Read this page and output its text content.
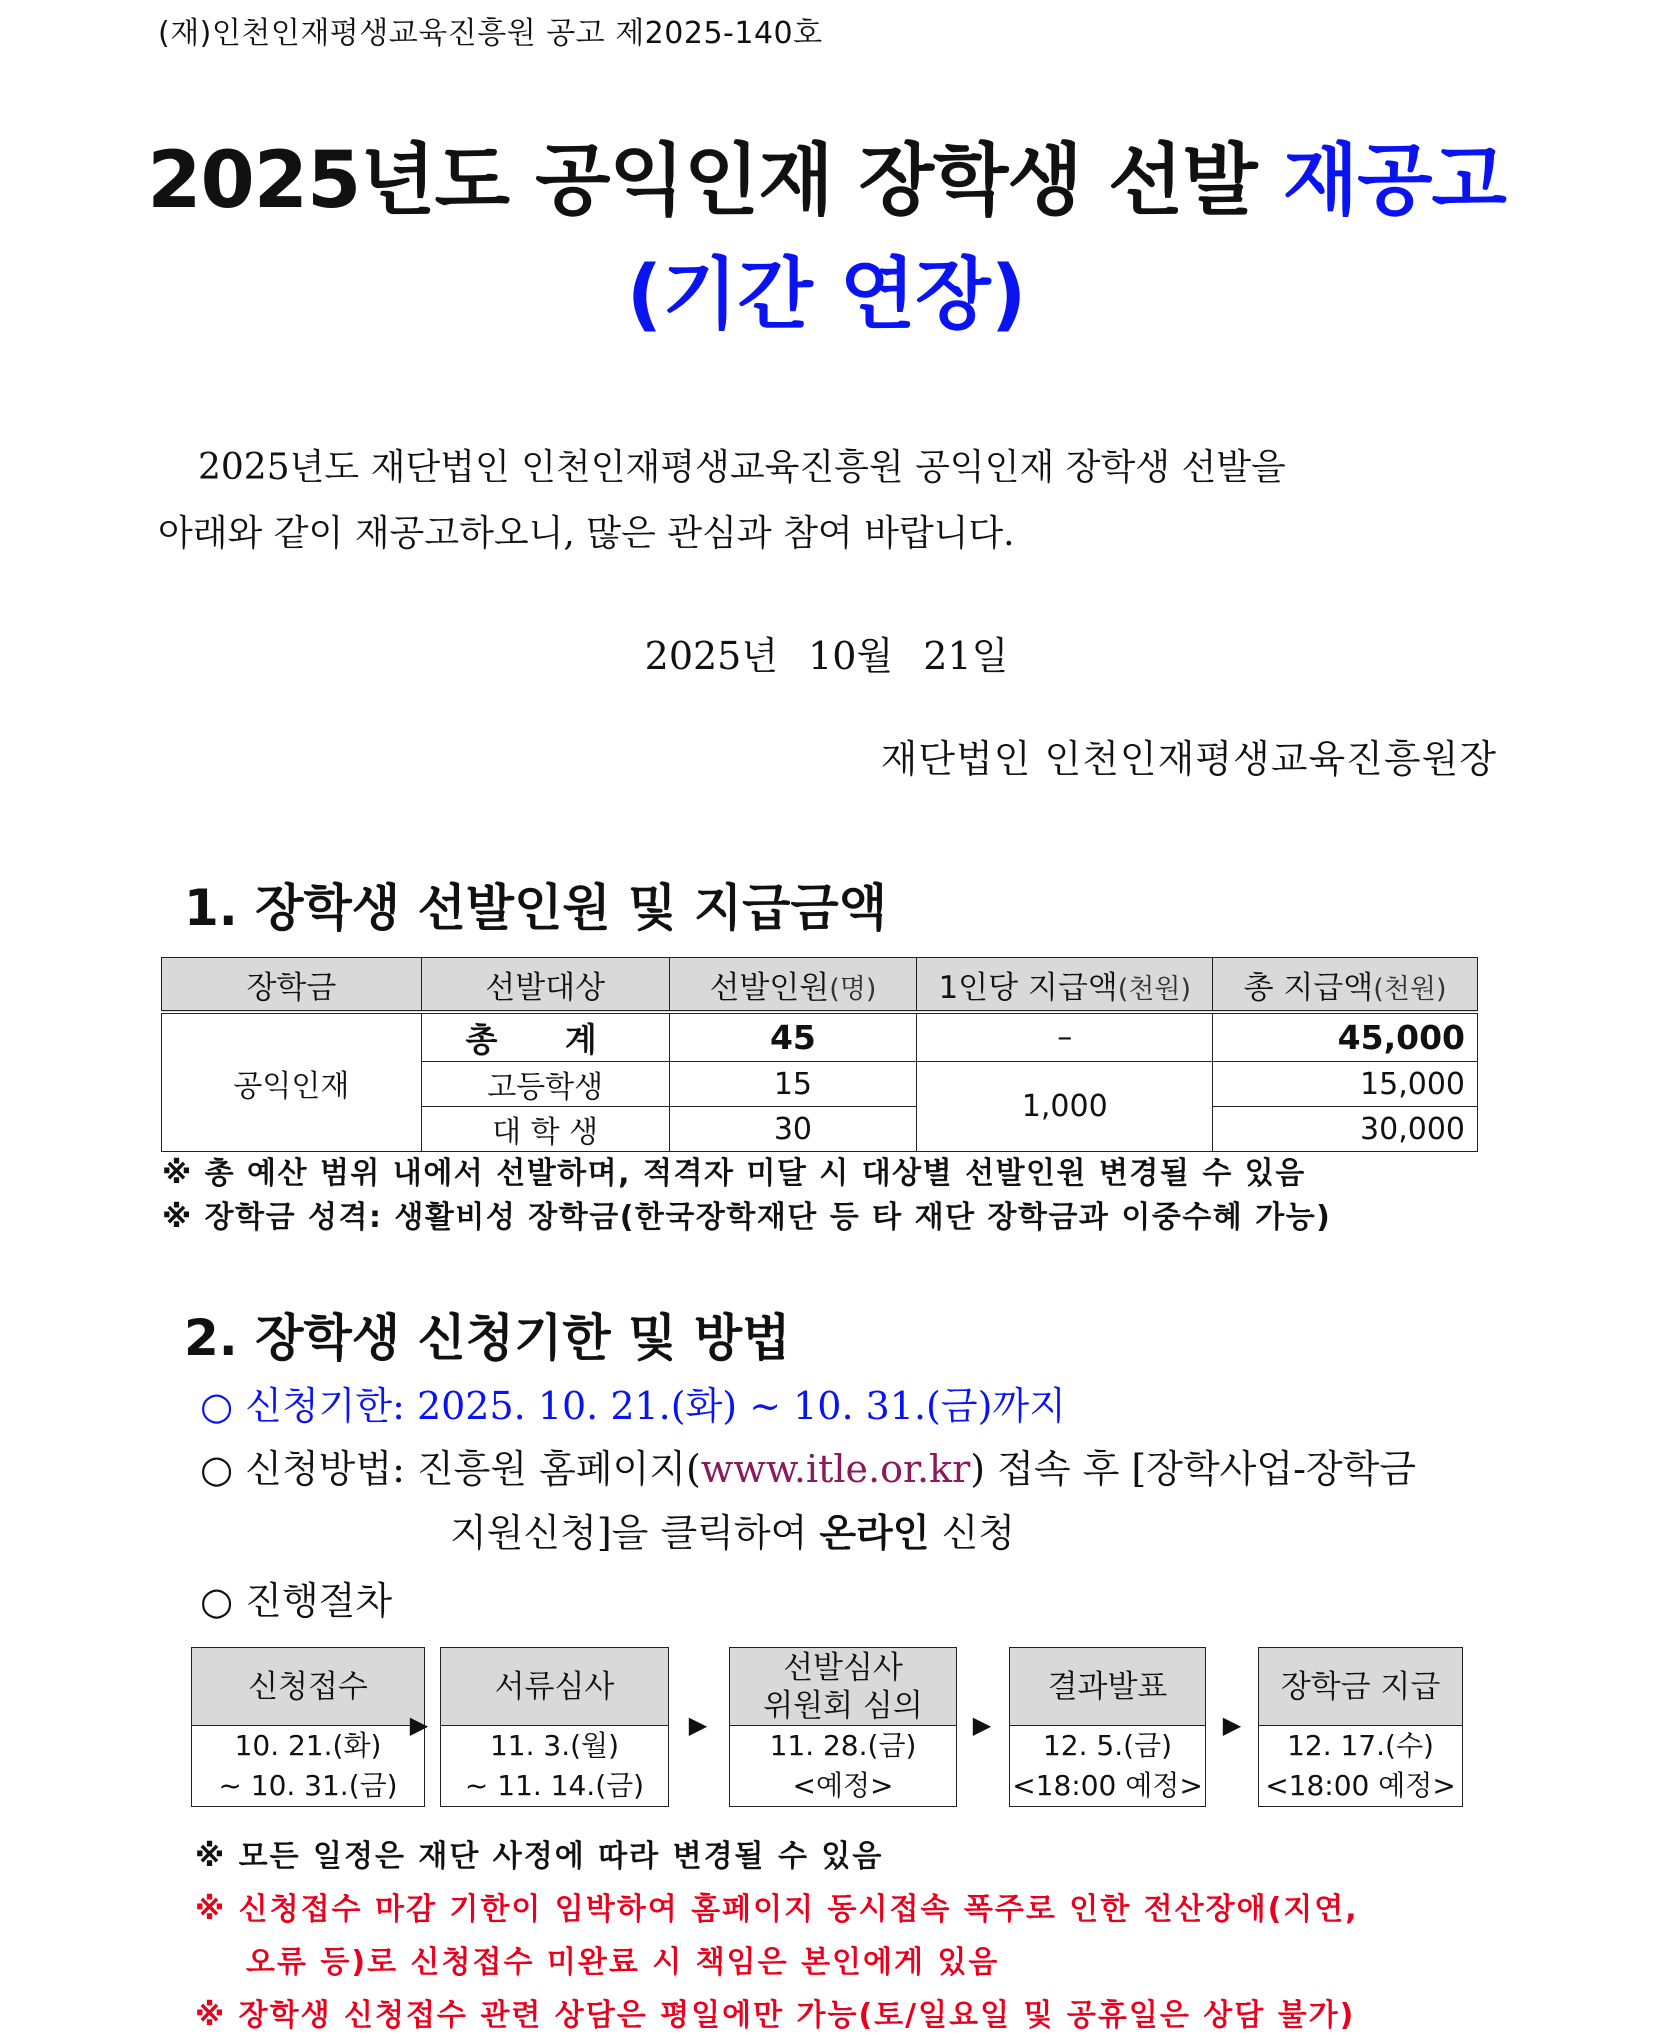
(재)인천인재평생교육진흥원 공고 제2025-140호
2025년도 공익인재 장학생 선발 재공고
(기간 연장)
2025년도 재단법인 인천인재평생교육진흥원 공익인재 장학생 선발을
아래와 같이 재공고하오니, 많은 관심과 참여 바랍니다.
2025년 10월 21일
재단법인 인천인재평생교육진흥원장
1. 장학생 선발인원 및 지급금액
장학금	선발대상	선발인원(명)	1인당 지급액(천원)	총 지급액(천원)
공익인재	총 계	45	–	45,000
	고등학생	15	1,000	15,000
	대 학 생	30		30,000
※ 총 예산 범위 내에서 선발하며, 적격자 미달 시 대상별 선발인원 변경될 수 있음
※ 장학금 성격: 생활비성 장학금(한국장학재단 등 타 재단 장학금과 이중수혜 가능)
2. 장학생 신청기한 및 방법
○ 신청기한: 2025. 10. 21.(화) ~ 10. 31.(금)까지
○ 신청방법: 진흥원 홈페이지(www.itle.or.kr) 접속 후 [장학사업-장학금
지원신청]을 클릭하여 온라인 신청
○ 진행절차
신청접수
10. 21.(화)
~ 10. 31.(금)
▶
서류심사
11. 3.(월)
~ 11. 14.(금)
▶
선발심사
위원회 심의
11. 28.(금)
<예정>
▶
결과발표
12. 5.(금)
<18:00 예정>
▶
장학금 지급
12. 17.(수)
<18:00 예정>
※ 모든 일정은 재단 사정에 따라 변경될 수 있음
※ 신청접수 마감 기한이 임박하여 홈페이지 동시접속 폭주로 인한 전산장애(지연,
오류 등)로 신청접수 미완료 시 책임은 본인에게 있음
※ 장학생 신청접수 관련 상담은 평일에만 가능(토/일요일 및 공휴일은 상담 불가)
